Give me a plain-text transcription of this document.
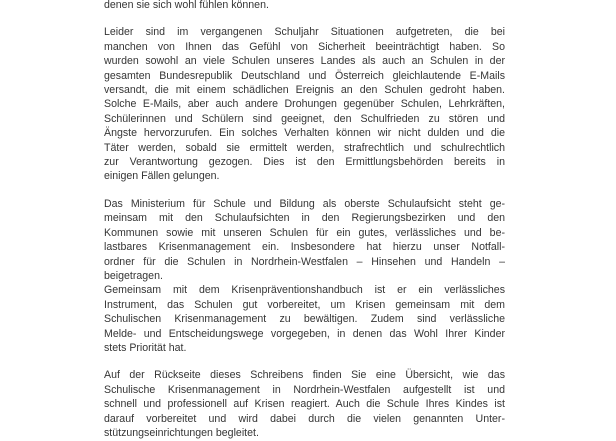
denen sie sich wohl fühlen können.
Leider sind im vergangenen Schuljahr Situationen aufgetreten, die bei
manchen von Ihnen das Gefühl von Sicherheit beeinträchtigt haben. So
wurden sowohl an viele Schulen unseres Landes als auch an Schulen in der
gesamten Bundesrepublik Deutschland und Österreich gleichlautende E-Mails
versandt, die mit einem schädlichen Ereignis an den Schulen gedroht haben.
Solche E-Mails, aber auch andere Drohungen gegenüber Schulen, Lehrkräften,
Schülerinnen und Schülern sind geeignet, den Schulfrieden zu stören und
Ängste hervorzurufen. Ein solches Verhalten können wir nicht dulden und die
Täter werden, sobald sie ermittelt werden, strafrechtlich und schulrechtlich
zur Verantwortung gezogen. Dies ist den Ermittlungsbehörden bereits in
einigen Fällen gelungen.
Das Ministerium für Schule und Bildung als oberste Schulaufsicht steht ge-
meinsam mit den Schulaufsichten in den Regierungsbezirken und den
Kommunen sowie mit unseren Schulen für ein gutes, verlässliches und be-
lastbares Krisenmanagement ein. Insbesondere hat hierzu unser Notfall-
ordner für die Schulen in Nordrhein-Westfalen – Hinsehen und Handeln –
beigetragen.
Gemeinsam mit dem Krisenpräventionshandbuch ist er ein verlässliches
Instrument, das Schulen gut vorbereitet, um Krisen gemeinsam mit dem
Schulischen Krisenmanagement zu bewältigen. Zudem sind verlässliche
Melde- und Entscheidungswege vorgegeben, in denen das Wohl Ihrer Kinder
stets Priorität hat.
Auf der Rückseite dieses Schreibens finden Sie eine Übersicht, wie das
Schulische Krisenmanagement in Nordrhein-Westfalen aufgestellt ist und
schnell und professionell auf Krisen reagiert. Auch die Schule Ihres Kindes ist
darauf vorbereitet und wird dabei durch die vielen genannten Unter-
stützungseinrichtungen begleitet.
